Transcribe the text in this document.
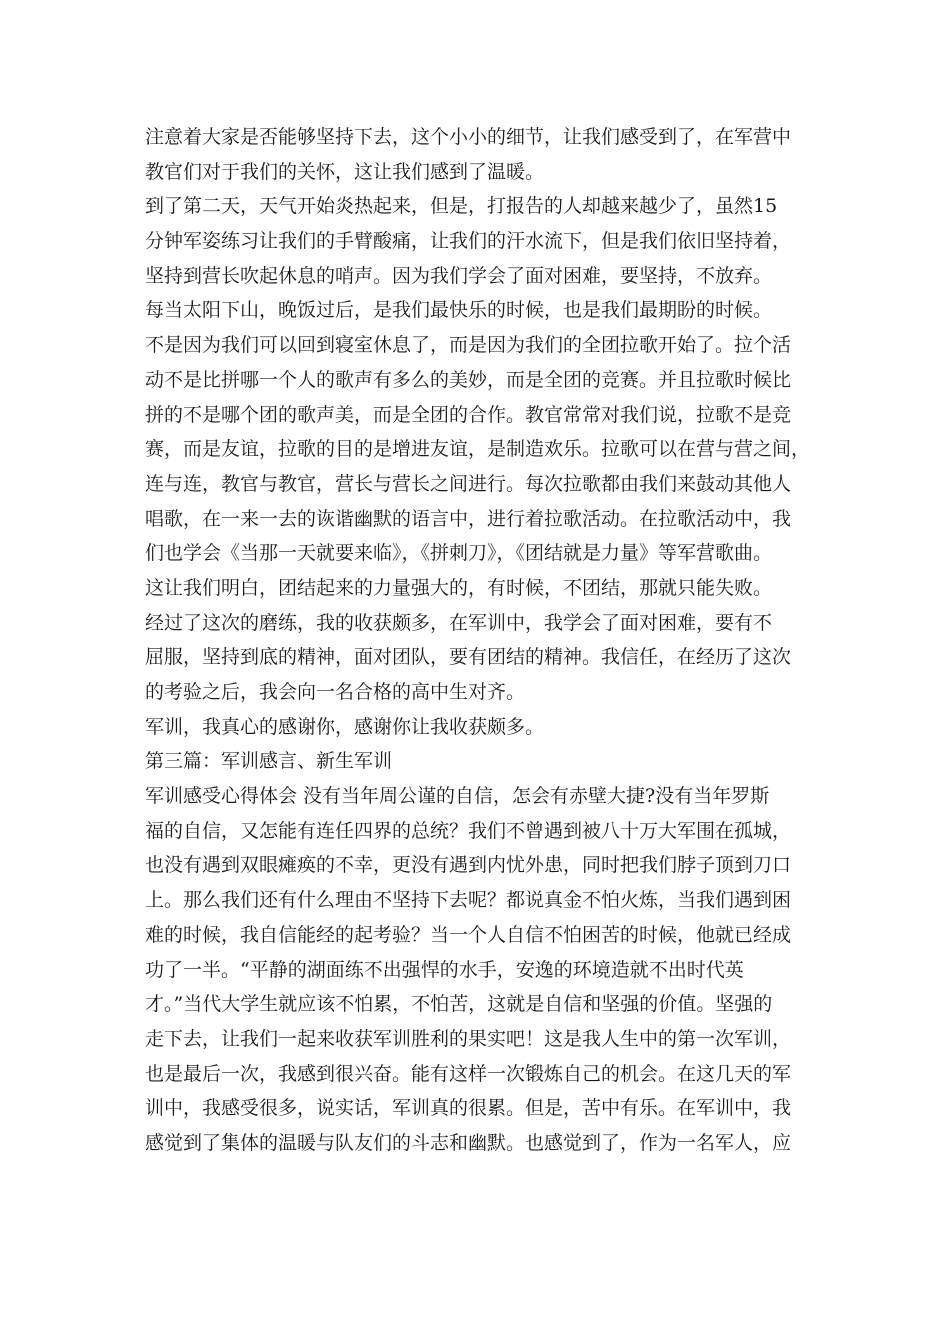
注意着大家是否能够坚持下去，这个小小的细节，让我们感受到了，在军营中
教官们对于我们的关怀，这让我们感到了温暖。
到了第二天，天气开始炎热起来，但是，打报告的人却越来越少了，虽然15
分钟军姿练习让我们的手臂酸痛，让我们的汗水流下，但是我们依旧坚持着，
坚持到营长吹起休息的哨声。因为我们学会了面对困难，要坚持，不放弃。
每当太阳下山，晚饭过后，是我们最快乐的时候，也是我们最期盼的时候。
不是因为我们可以回到寝室休息了，而是因为我们的全团拉歌开始了。拉个活
动不是比拼哪一个人的歌声有多么的美妙，而是全团的竞赛。并且拉歌时候比
拼的不是哪个团的歌声美，而是全团的合作。教官常常对我们说，拉歌不是竞
赛，而是友谊，拉歌的目的是增进友谊，是制造欢乐。拉歌可以在营与营之间，
连与连，教官与教官，营长与营长之间进行。每次拉歌都由我们来鼓动其他人
唱歌，在一来一去的诙谐幽默的语言中，进行着拉歌活动。在拉歌活动中，我
们也学会《当那一天就要来临》，《拼刺刀》，《团结就是力量》等军营歌曲。
这让我们明白，团结起来的力量强大的，有时候，不团结，那就只能失败。
经过了这次的磨练，我的收获颇多，在军训中，我学会了面对困难，要有不
屈服，坚持到底的精神，面对团队，要有团结的精神。我信任，在经历了这次
的考验之后，我会向一名合格的高中生对齐。
军训，我真心的感谢你，感谢你让我收获颇多。
第三篇：军训感言、新生军训
军训感受心得体会 没有当年周公谨的自信，怎会有赤壁大捷?没有当年罗斯
福的自信，又怎能有连任四界的总统？我们不曾遇到被八十万大军围在孤城，
也没有遇到双眼瘫痪的不幸，更没有遇到内忧外患，同时把我们脖子顶到刀口
上。那么我们还有什么理由不坚持下去呢？都说真金不怕火炼，当我们遇到困
难的时候，我自信能经的起考验？当一个人自信不怕困苦的时候，他就已经成
功了一半。“平静的湖面练不出强悍的水手，安逸的环境造就不出时代英
才。”当代大学生就应该不怕累，不怕苦，这就是自信和坚强的价值。坚强的
走下去，让我们一起来收获军训胜利的果实吧！这是我人生中的第一次军训，
也是最后一次，我感到很兴奋。能有这样一次锻炼自己的机会。在这几天的军
训中，我感受很多，说实话，军训真的很累。但是，苦中有乐。在军训中，我
感觉到了集体的温暖与队友们的斗志和幽默。也感觉到了，作为一名军人，应
